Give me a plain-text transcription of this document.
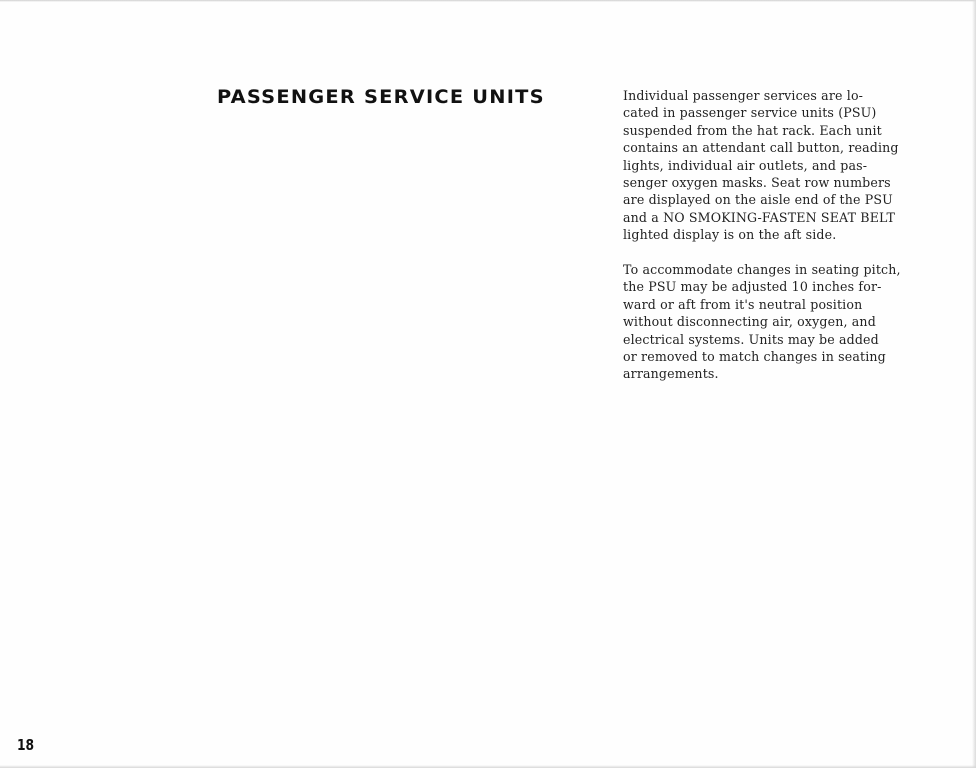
PASSENGER SERVICE UNITS	Individual passenger services are lo-
cated in passenger service units (PSU)
suspended from the hat rack. Each unit
contains an attendant call button, reading
lights, individual air outlets, and pas-
senger oxygen masks. Seat row numbers
are displayed on the aisle end of the PSU
and a NO SMOKING-FASTEN SEAT BELT
lighted display is on the aft side.
To accommodate changes in seating pitch,
the PSU may be adjusted 10 inches for-
ward or aft from it's neutral position
without disconnecting air, oxygen, and
electrical systems. Units may be added
or removed to match changes in seating
arrangements.
18
